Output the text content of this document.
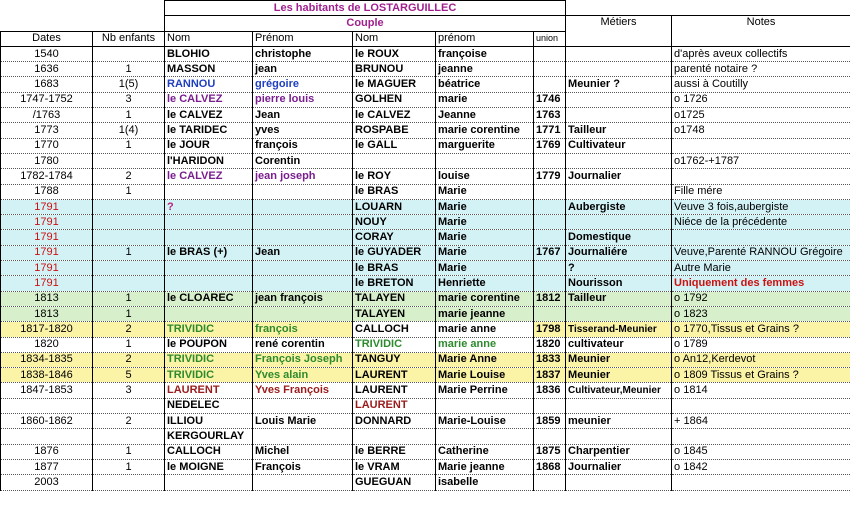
		Les habitants de LOSTARGUILLEC						
		Couple					Métiers	Notes
Dates	Nb enfants	Nom	Prénom	Nom	prénom	union		
1540		BLOHIO	christophe	le ROUX	françoise			d'après aveux collectifs
1636	1	MASSON	jean	BRUNOU	jeanne			parenté notaire ?
1683	1(5)	RANNOU	grégoire	le MAGUER	béatrice		Meunier ?	aussi à Coutilly
1747-1752	3	le CALVEZ	pierre louis	GOLHEN	marie	1746		o 1726
/1763	1	le CALVEZ	Jean	le CALVEZ	Jeanne	1763		o1725
1773	1(4)	le TARIDEC	yves	ROSPABE	marie corentine	1771	Tailleur	o1748
1770	1	le JOUR	françois	le GALL	marguerite	1769	Cultivateur	
1780		l'HARIDON	Corentin					o1762-+1787
1782-1784	2	le CALVEZ	jean joseph	le ROY	louise	1779	Journalier	
1788	1			le BRAS	Marie			Fille mére
1791		?		LOUARN	Marie		Aubergiste	Veuve 3 fois,aubergiste
1791				NOUY	Marie			Niéce de la précédente
1791				CORAY	Marie		Domestique	
1791	1	le BRAS (+)	Jean	le GUYADER	Marie	1767	Journaliére	Veuve,Parenté RANNOU Grégoire
1791				le BRAS	Marie		?	Autre Marie
1791				le BRETON	Henriette		Nourisson	Uniquement des femmes
1813	1	le CLOAREC	jean françois	TALAYEN	marie corentine	1812	Tailleur	o 1792
1813	1			TALAYEN	marie jeanne			o 1823
1817-1820	2	TRIVIDIC	françois	CALLOCH	marie anne	1798	Tisserand-Meunier	o 1770,Tissus et Grains ?
1820	1	le POUPON	rené corentin	TRIVIDIC	marie anne	1820	cultivateur	o 1789
1834-1835	2	TRIVIDIC	François Joseph	TANGUY	Marie Anne	1833	Meunier	o An12,Kerdevot
1838-1846	5	TRIVIDIC	Yves alain	LAURENT	Marie Louise	1837	Meunier	o 1809 Tissus et Grains ?
1847-1853	3	LAURENT	Yves François	LAURENT	Marie Perrine	1836	Cultivateur,Meunier	o 1814
		NEDELEC		LAURENT				
1860-1862	2	ILLIOU	Louis Marie	DONNARD	Marie-Louise	1859	meunier	+ 1864
		KERGOURLAY						
1876	1	CALLOCH	Michel	le BERRE	Catherine	1875	Charpentier	o 1845
1877	1	le MOIGNE	François	le VRAM	Marie jeanne	1868	Journalier	o 1842
2003				GUEGUAN	isabelle			
